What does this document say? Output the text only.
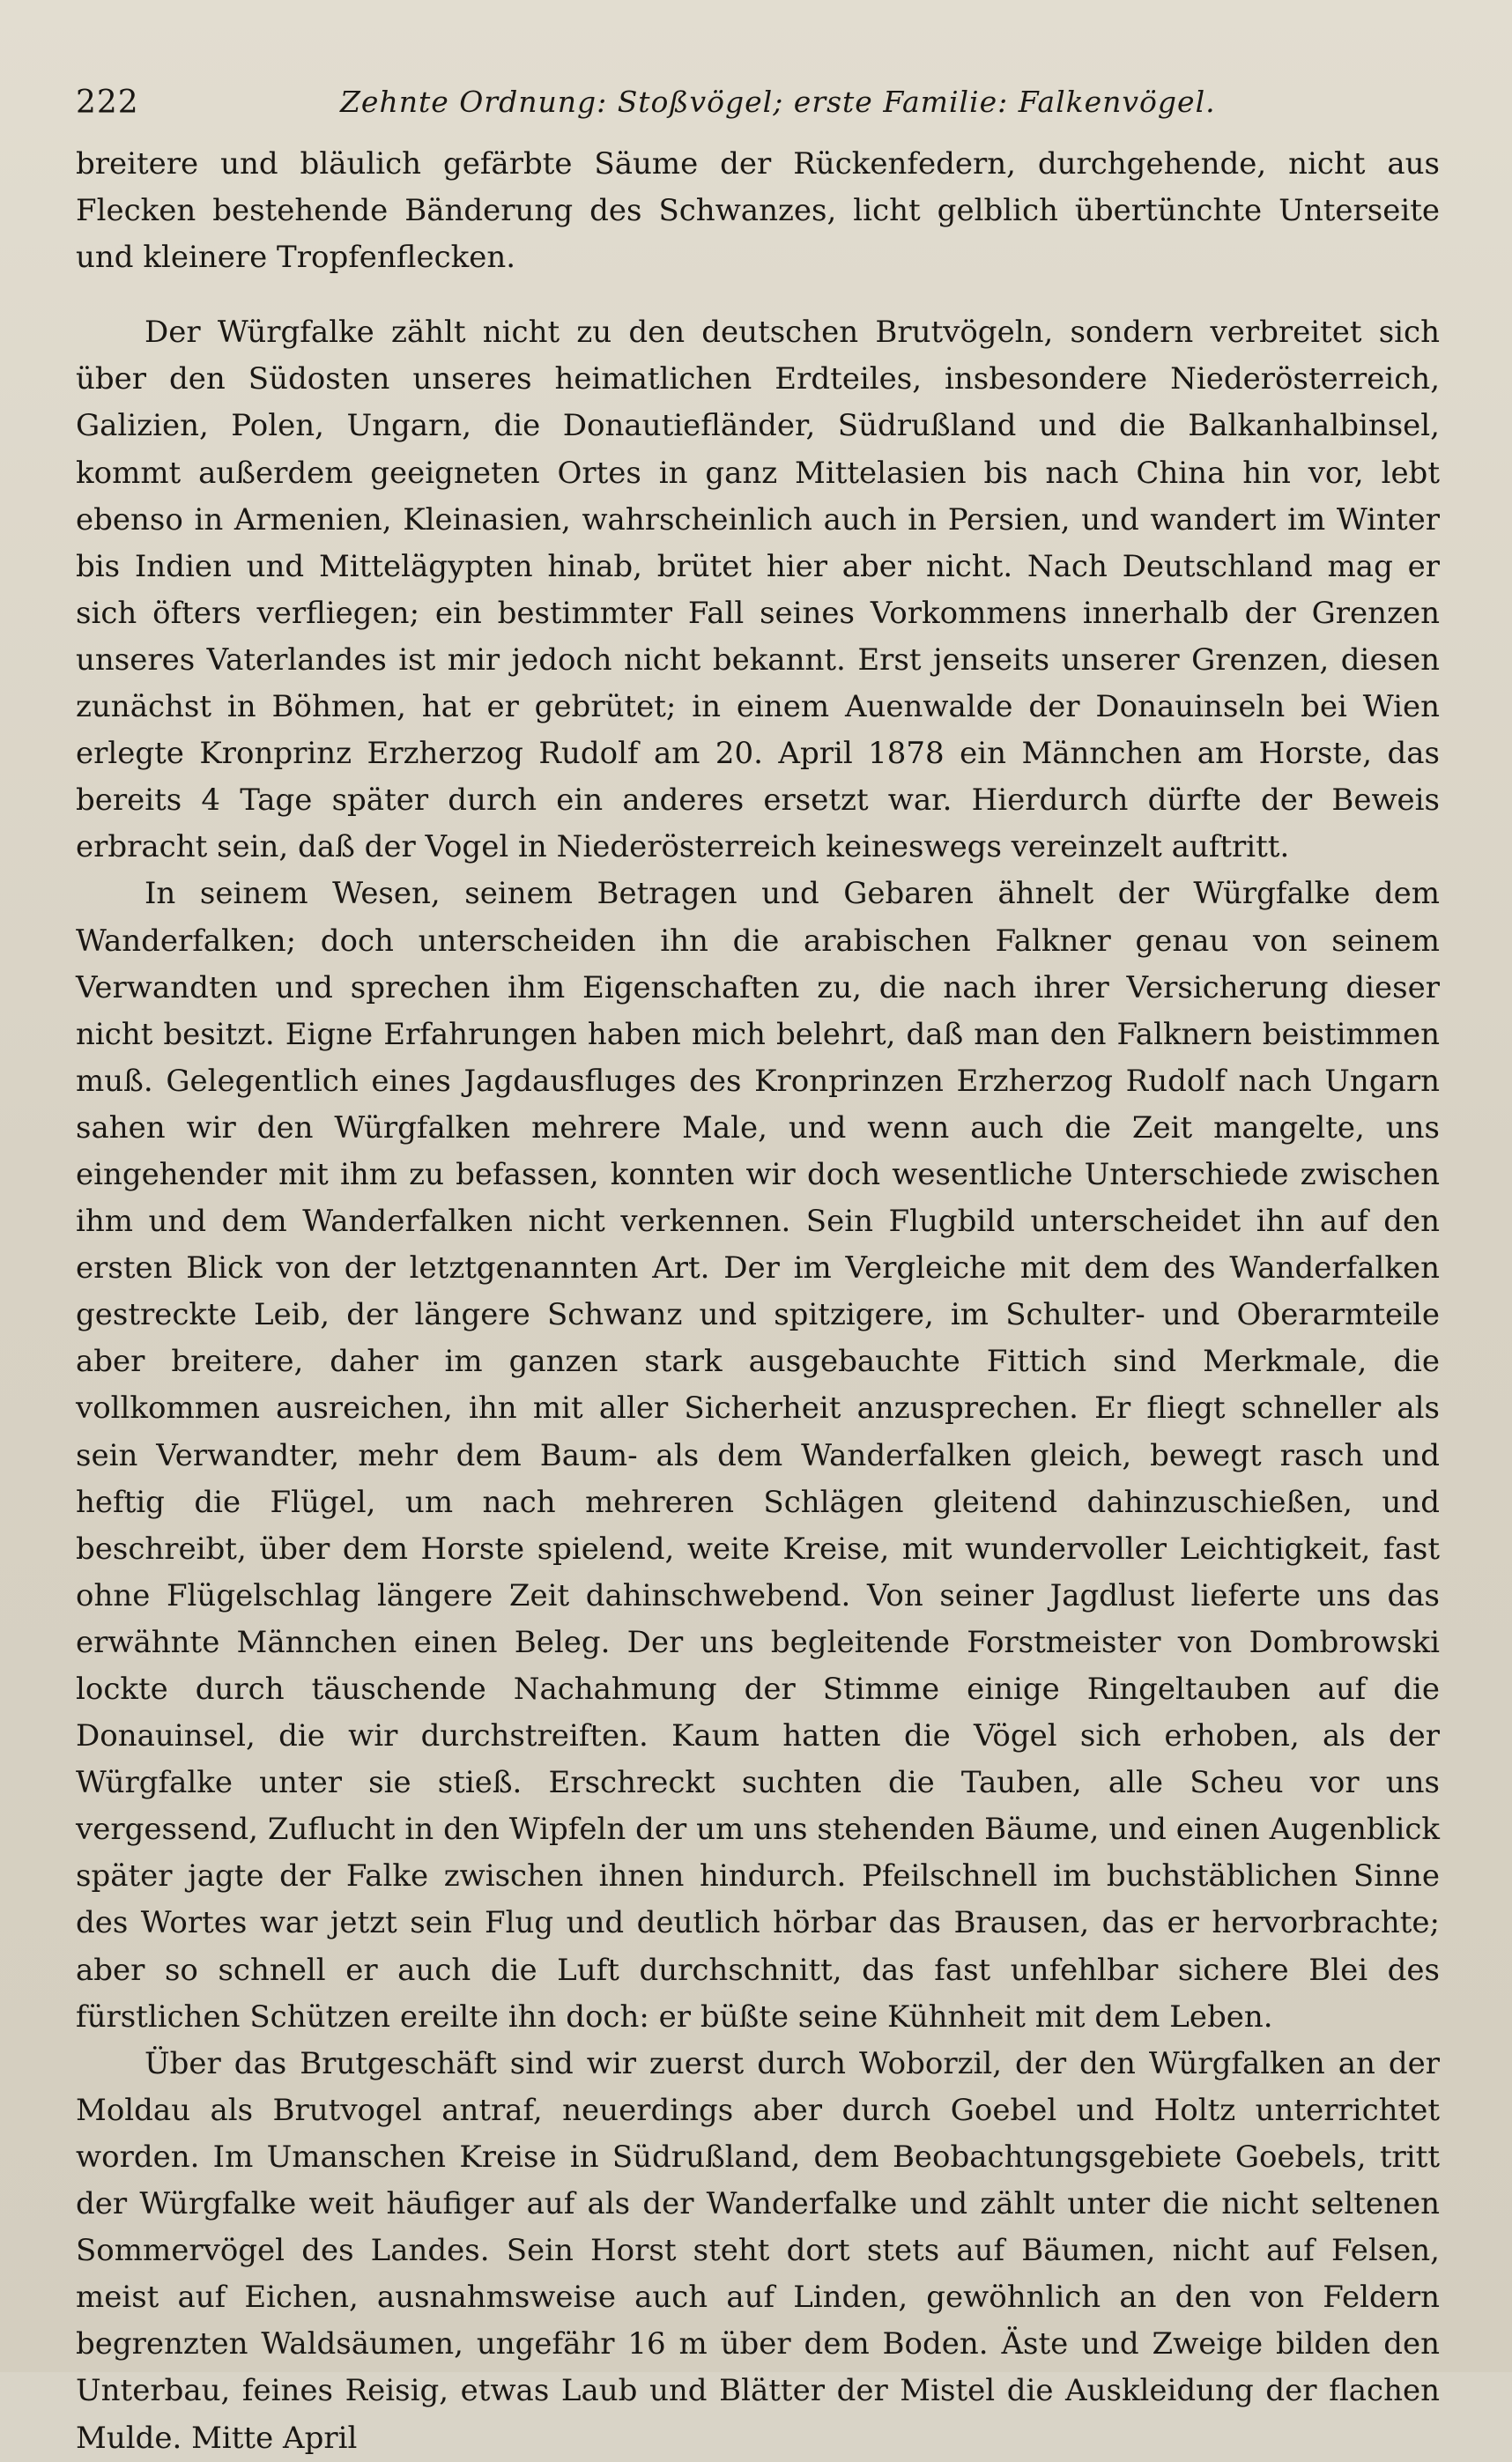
222	Zehnte Ordnung: Stoßvögel; erste Familie: Falkenvögel.

breitere und bläulich gefärbte Säume der Rückenfedern, durchgehende, nicht aus Flecken bestehende Bänderung des Schwanzes, licht gelblich übertünchte Unterseite und kleinere Tropfenflecken.

Der Würgfalke zählt nicht zu den deutschen Brutvögeln, sondern verbreitet sich über den Südosten unseres heimatlichen Erdteiles, insbesondere Niederösterreich, Galizien, Polen, Ungarn, die Donautiefländer, Südrußland und die Balkanhalbinsel, kommt außerdem geeigneten Ortes in ganz Mittelasien bis nach China hin vor, lebt ebenso in Armenien, Kleinasien, wahrscheinlich auch in Persien, und wandert im Winter bis Indien und Mittelägypten hinab, brütet hier aber nicht. Nach Deutschland mag er sich öfters verfliegen; ein bestimmter Fall seines Vorkommens innerhalb der Grenzen unseres Vaterlandes ist mir jedoch nicht bekannt. Erst jenseits unserer Grenzen, diesen zunächst in Böhmen, hat er gebrütet; in einem Auenwalde der Donauinseln bei Wien erlegte Kronprinz Erzherzog Rudolf am 20. April 1878 ein Männchen am Horste, das bereits 4 Tage später durch ein anderes ersetzt war. Hierdurch dürfte der Beweis erbracht sein, daß der Vogel in Niederösterreich keineswegs vereinzelt auftritt.

In seinem Wesen, seinem Betragen und Gebaren ähnelt der Würgfalke dem Wanderfalken; doch unterscheiden ihn die arabischen Falkner genau von seinem Verwandten und sprechen ihm Eigenschaften zu, die nach ihrer Versicherung dieser nicht besitzt. Eigne Erfahrungen haben mich belehrt, daß man den Falknern beistimmen muß. Gelegentlich eines Jagdausfluges des Kronprinzen Erzherzog Rudolf nach Ungarn sahen wir den Würgfalken mehrere Male, und wenn auch die Zeit mangelte, uns eingehender mit ihm zu befassen, konnten wir doch wesentliche Unterschiede zwischen ihm und dem Wanderfalken nicht verkennen. Sein Flugbild unterscheidet ihn auf den ersten Blick von der letztgenannten Art. Der im Vergleiche mit dem des Wanderfalken gestreckte Leib, der längere Schwanz und spitzigere, im Schulter- und Oberarmteile aber breitere, daher im ganzen stark ausgebauchte Fittich sind Merkmale, die vollkommen ausreichen, ihn mit aller Sicherheit anzusprechen. Er fliegt schneller als sein Verwandter, mehr dem Baum- als dem Wanderfalken gleich, bewegt rasch und heftig die Flügel, um nach mehreren Schlägen gleitend dahinzuschießen, und beschreibt, über dem Horste spielend, weite Kreise, mit wundervoller Leichtigkeit, fast ohne Flügelschlag längere Zeit dahinschwebend. Von seiner Jagdlust lieferte uns das erwähnte Männchen einen Beleg. Der uns begleitende Forstmeister von Dombrowski lockte durch täuschende Nachahmung der Stimme einige Ringeltauben auf die Donauinsel, die wir durchstreiften. Kaum hatten die Vögel sich erhoben, als der Würgfalke unter sie stieß. Erschreckt suchten die Tauben, alle Scheu vor uns vergessend, Zuflucht in den Wipfeln der um uns stehenden Bäume, und einen Augenblick später jagte der Falke zwischen ihnen hindurch. Pfeilschnell im buchstäblichen Sinne des Wortes war jetzt sein Flug und deutlich hörbar das Brausen, das er hervorbrachte; aber so schnell er auch die Luft durchschnitt, das fast unfehlbar sichere Blei des fürstlichen Schützen ereilte ihn doch: er büßte seine Kühnheit mit dem Leben.

Über das Brutgeschäft sind wir zuerst durch Woborzil, der den Würgfalken an der Moldau als Brutvogel antraf, neuerdings aber durch Goebel und Holtz unterrichtet worden. Im Umanschen Kreise in Südrußland, dem Beobachtungsgebiete Goebels, tritt der Würgfalke weit häufiger auf als der Wanderfalke und zählt unter die nicht seltenen Sommervögel des Landes. Sein Horst steht dort stets auf Bäumen, nicht auf Felsen, meist auf Eichen, ausnahmsweise auch auf Linden, gewöhnlich an den von Feldern begrenzten Waldsäumen, ungefähr 16 m über dem Boden. Äste und Zweige bilden den Unterbau, feines Reisig, etwas Laub und Blätter der Mistel die Auskleidung der flachen Mulde. Mitte April
